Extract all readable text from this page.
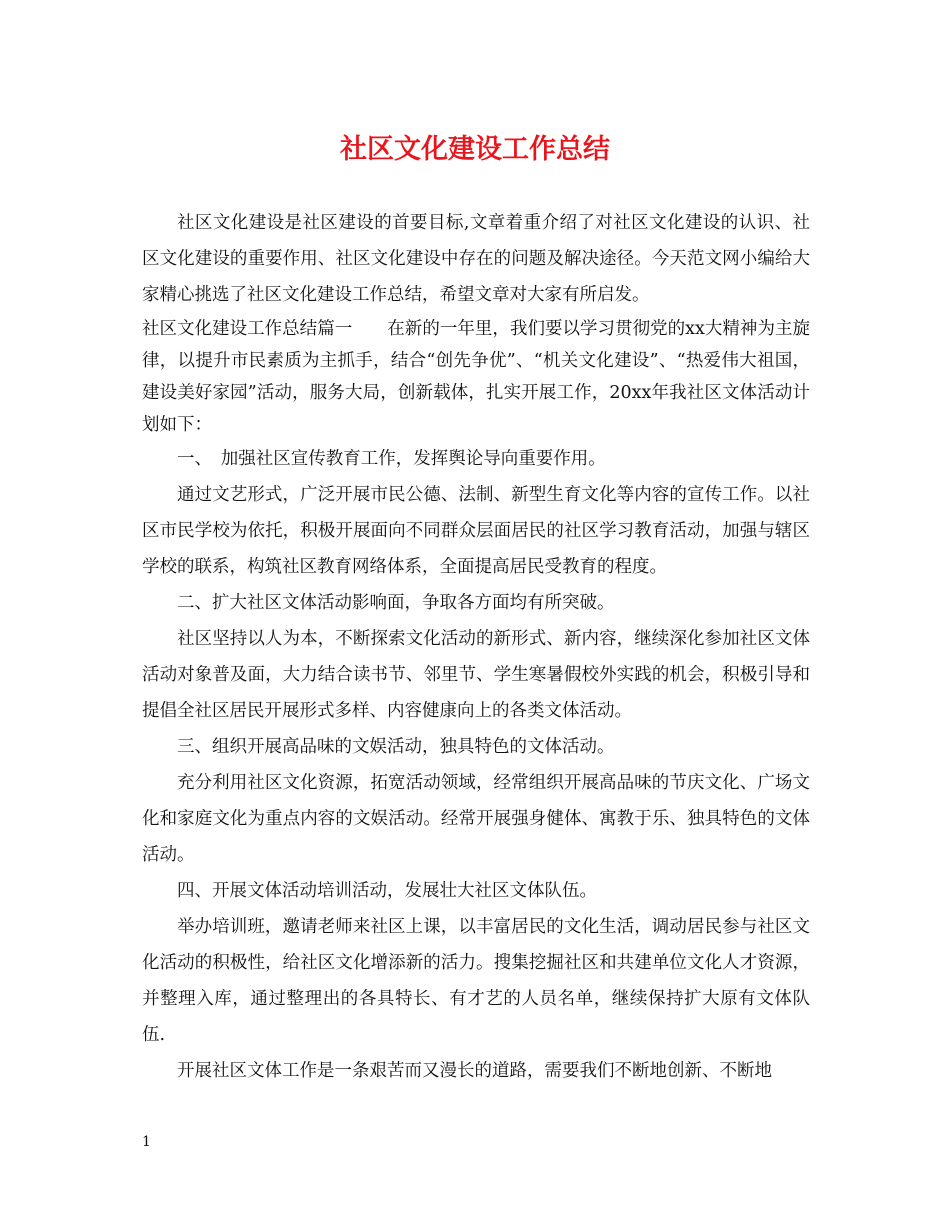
社区文化建设工作总结

社区文化建设是社区建设的首要目标,文章着重介绍了对社区文化建设的认识、社区文化建设的重要作用、社区文化建设中存在的问题及解决途径。今天范文网小编给大家精心挑选了社区文化建设工作总结，希望文章对大家有所启发。

社区文化建设工作总结篇一　　在新的一年里，我们要以学习贯彻党的xx大精神为主旋律，以提升市民素质为主抓手，结合“创先争优”、“机关文化建设”、“热爱伟大祖国，建设美好家园”活动，服务大局，创新载体，扎实开展工作，20xx年我社区文体活动计划如下：

一、　加强社区宣传教育工作，发挥舆论导向重要作用。

通过文艺形式，广泛开展市民公德、法制、新型生育文化等内容的宣传工作。以社区市民学校为依托，积极开展面向不同群众层面居民的社区学习教育活动，加强与辖区学校的联系，构筑社区教育网络体系，全面提高居民受教育的程度。

二、扩大社区文体活动影响面，争取各方面均有所突破。

社区坚持以人为本，不断探索文化活动的新形式、新内容，继续深化参加社区文体活动对象普及面，大力结合读书节、邻里节、学生寒暑假校外实践的机会，积极引导和提倡全社区居民开展形式多样、内容健康向上的各类文体活动。

三、组织开展高品味的文娱活动，独具特色的文体活动。

充分利用社区文化资源，拓宽活动领域，经常组织开展高品味的节庆文化、广场文化和家庭文化为重点内容的文娱活动。经常开展强身健体、寓教于乐、独具特色的文体活动。

四、开展文体活动培训活动，发展壮大社区文体队伍。

举办培训班，邀请老师来社区上课，以丰富居民的文化生活，调动居民参与社区文化活动的积极性，给社区文化增添新的活力。搜集挖掘社区和共建单位文化人才资源，并整理入库，通过整理出的各具特长、有才艺的人员名单，继续保持扩大原有文体队伍.

开展社区文体工作是一条艰苦而又漫长的道路，需要我们不断地创新、不断地

1
